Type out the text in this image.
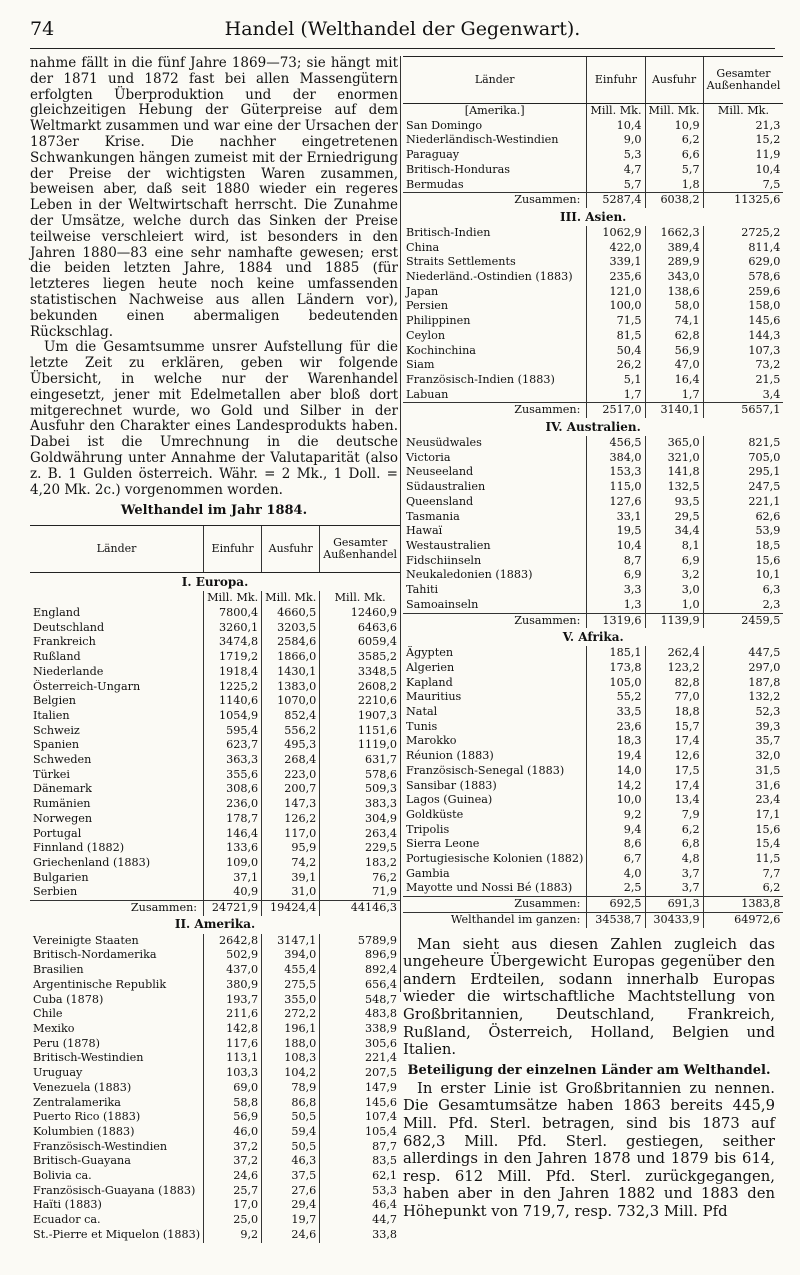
74	Handel (Welthandel der Gegenwart).

nahme fällt in die fünf Jahre 1869—73; sie hängt mit der 1871 und 1872 fast bei allen Massengütern erfolgten Überproduktion und der enormen gleichzeitigen Hebung der Güterpreise auf dem Weltmarkt zusammen und war eine der Ursachen der 1873er Krise. Die nachher eingetretenen Schwankungen hängen zumeist mit der Erniedrigung der Preise der wichtigsten Waren zusammen, beweisen aber, daß seit 1880 wieder ein regeres Leben in der Weltwirtschaft herrscht. Die Zunahme der Umsätze, welche durch das Sinken der Preise teilweise verschleiert wird, ist besonders in den Jahren 1880—83 eine sehr namhafte gewesen; erst die beiden letzten Jahre, 1884 und 1885 (für letzteres liegen heute noch keine umfassenden statistischen Nachweise aus allen Ländern vor), bekunden einen abermaligen bedeutenden Rückschlag.

Um die Gesamtsumme unsrer Aufstellung für die letzte Zeit zu erklären, geben wir folgende Übersicht, in welche nur der Warenhandel eingesetzt, jener mit Edelmetallen aber bloß dort mitgerechnet wurde, wo Gold und Silber in der Ausfuhr den Charakter eines Landesprodukts haben. Dabei ist die Umrechnung in die deutsche Goldwährung unter Annahme der Valutaparität (also z. B. 1 Gulden österreich. Währ. = 2 Mk., 1 Doll. = 4,20 Mk. 2c.) vorgenommen worden.

Welthandel im Jahr 1884.
Länder	Einfuhr	Ausfuhr	Gesamter Außenhandel
I. Europa.			
	Mill. Mk.	Mill. Mk.	Mill. Mk.
England	7800,4	4660,5	12460,9
Deutschland	3260,1	3203,5	6463,6
Frankreich	3474,8	2584,6	6059,4
Rußland	1719,2	1866,0	3585,2
Niederlande	1918,4	1430,1	3348,5
Österreich-Ungarn	1225,2	1383,0	2608,2
Belgien	1140,6	1070,0	2210,6
Italien	1054,9	852,4	1907,3
Schweiz	595,4	556,2	1151,6
Spanien	623,7	495,3	1119,0
Schweden	363,3	268,4	631,7
Türkei	355,6	223,0	578,6
Dänemark	308,6	200,7	509,3
Rumänien	236,0	147,3	383,3
Norwegen	178,7	126,2	304,9
Portugal	146,4	117,0	263,4
Finnland (1882)	133,6	95,9	229,5
Griechenland (1883)	109,0	74,2	183,2
Bulgarien	37,1	39,1	76,2
Serbien	40,9	31,0	71,9
Zusammen:	24721,9	19424,4	44146,3
II. Amerika.			
Vereinigte Staaten	2642,8	3147,1	5789,9
Britisch-Nordamerika	502,9	394,0	896,9
Brasilien	437,0	455,4	892,4
Argentinische Republik	380,9	275,5	656,4
Cuba (1878)	193,7	355,0	548,7
Chile	211,6	272,2	483,8
Mexiko	142,8	196,1	338,9
Peru (1878)	117,6	188,0	305,6
Britisch-Westindien	113,1	108,3	221,4
Uruguay	103,3	104,2	207,5
Venezuela (1883)	69,0	78,9	147,9
Zentralamerika	58,8	86,8	145,6
Puerto Rico (1883)	56,9	50,5	107,4
Kolumbien (1883)	46,0	59,4	105,4
Französisch-Westindien	37,2	50,5	87,7
Britisch-Guayana	37,2	46,3	83,5
Bolivia ca.	24,6	37,5	62,1
Französisch-Guayana (1883)	25,7	27,6	53,3
Haïti (1883)	17,0	29,4	46,4
Ecuador ca.	25,0	19,7	44,7
St.-Pierre et Miquelon (1883)	9,2	24,6	33,8
Länder	Einfuhr	Ausfuhr	Gesamter Außenhandel
[Amerika.]	Mill. Mk.	Mill. Mk.	Mill. Mk.
San Domingo	10,4	10,9	21,3
Niederländisch-Westindien	9,0	6,2	15,2
Paraguay	5,3	6,6	11,9
Britisch-Honduras	4,7	5,7	10,4
Bermudas	5,7	1,8	7,5
Zusammen:	5287,4	6038,2	11325,6
III. Asien.			
Britisch-Indien	1062,9	1662,3	2725,2
China	422,0	389,4	811,4
Straits Settlements	339,1	289,9	629,0
Niederländ.-Ostindien (1883)	235,6	343,0	578,6
Japan	121,0	138,6	259,6
Persien	100,0	58,0	158,0
Philippinen	71,5	74,1	145,6
Ceylon	81,5	62,8	144,3
Kochinchina	50,4	56,9	107,3
Siam	26,2	47,0	73,2
Französisch-Indien (1883)	5,1	16,4	21,5
Labuan	1,7	1,7	3,4
Zusammen:	2517,0	3140,1	5657,1
IV. Australien.			
Neusüdwales	456,5	365,0	821,5
Victoria	384,0	321,0	705,0
Neuseeland	153,3	141,8	295,1
Südaustralien	115,0	132,5	247,5
Queensland	127,6	93,5	221,1
Tasmania	33,1	29,5	62,6
Hawaï	19,5	34,4	53,9
Westaustralien	10,4	8,1	18,5
Fidschiinseln	8,7	6,9	15,6
Neukaledonien (1883)	6,9	3,2	10,1
Tahiti	3,3	3,0	6,3
Samoainseln	1,3	1,0	2,3
Zusammen:	1319,6	1139,9	2459,5
V. Afrika.			
Ägypten	185,1	262,4	447,5
Algerien	173,8	123,2	297,0
Kapland	105,0	82,8	187,8
Mauritius	55,2	77,0	132,2
Natal	33,5	18,8	52,3
Tunis	23,6	15,7	39,3
Marokko	18,3	17,4	35,7
Réunion (1883)	19,4	12,6	32,0
Französisch-Senegal (1883)	14,0	17,5	31,5
Sansibar (1883)	14,2	17,4	31,6
Lagos (Guinea)	10,0	13,4	23,4
Goldküste	9,2	7,9	17,1
Tripolis	9,4	6,2	15,6
Sierra Leone	8,6	6,8	15,4
Portugiesische Kolonien (1882)	6,7	4,8	11,5
Gambia	4,0	3,7	7,7
Mayotte und Nossi Bé (1883)	2,5	3,7	6,2
Zusammen:	692,5	691,3	1383,8
Welthandel im ganzen:	34538,7	30433,9	64972,6

Man sieht aus diesen Zahlen zugleich das ungeheure Übergewicht Europas gegenüber den andern Erdteilen, sodann innerhalb Europas wieder die wirtschaftliche Machtstellung von Großbritannien, Deutschland, Frankreich, Rußland, Österreich, Holland, Belgien und Italien.

Beteiligung der einzelnen Länder am Welthandel.

In erster Linie ist Großbritannien zu nennen. Die Gesamtumsätze haben 1863 bereits 445,9 Mill. Pfd. Sterl. betragen, sind bis 1873 auf 682,3 Mill. Pfd. Sterl. gestiegen, seither allerdings in den Jahren 1878 und 1879 bis 614, resp. 612 Mill. Pfd. Sterl. zurückgegangen, haben aber in den Jahren 1882 und 1883 den Höhepunkt von 719,7, resp. 732,3 Mill. Pfd
